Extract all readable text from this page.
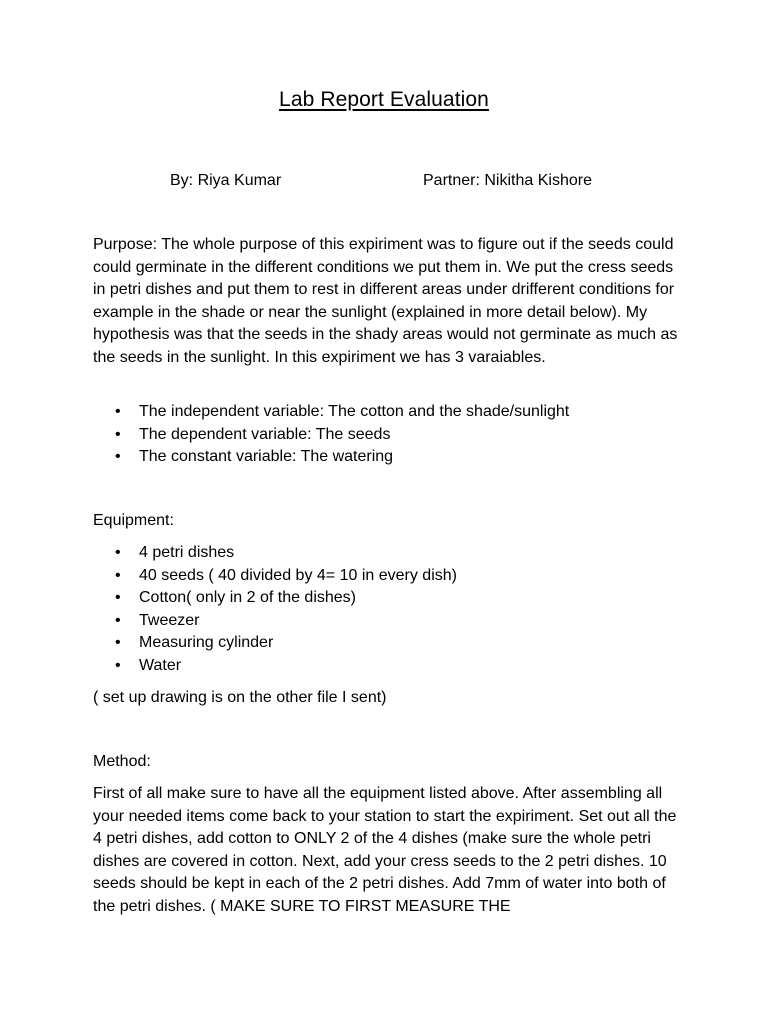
Lab Report Evaluation
By: Riya Kumar	Partner: Nikitha Kishore
Purpose: The whole purpose of this expiriment was to figure out if the seeds could could germinate in the different conditions we put them in. We put the cress seeds in petri dishes and put them to rest in different areas under drifferent conditions for example in the shade or near the sunlight (explained in more detail below). My hypothesis was that the seeds in the shady areas would not germinate as much as the seeds in the sunlight. In this expiriment we has 3 varaiables.
• The independent variable: The cotton and the shade/sunlight
• The dependent variable: The seeds
• The constant variable: The watering
Equipment:
• 4 petri dishes
• 40 seeds ( 40 divided by 4= 10 in every dish)
• Cotton( only in 2 of the dishes)
• Tweezer
• Measuring cylinder
• Water
( set up drawing is on the other file I sent)
Method:
First of all make sure to have all the equipment listed above. After assembling all your needed items come back to your station to start the expiriment. Set out all the 4 petri dishes, add cotton to ONLY 2 of the 4 dishes (make sure the whole petri dishes are covered in cotton. Next, add your cress seeds to the 2 petri dishes. 10 seeds should be kept in each of the 2 petri dishes. Add 7mm of water into both of the petri dishes. ( MAKE SURE TO FIRST MEASURE THE
